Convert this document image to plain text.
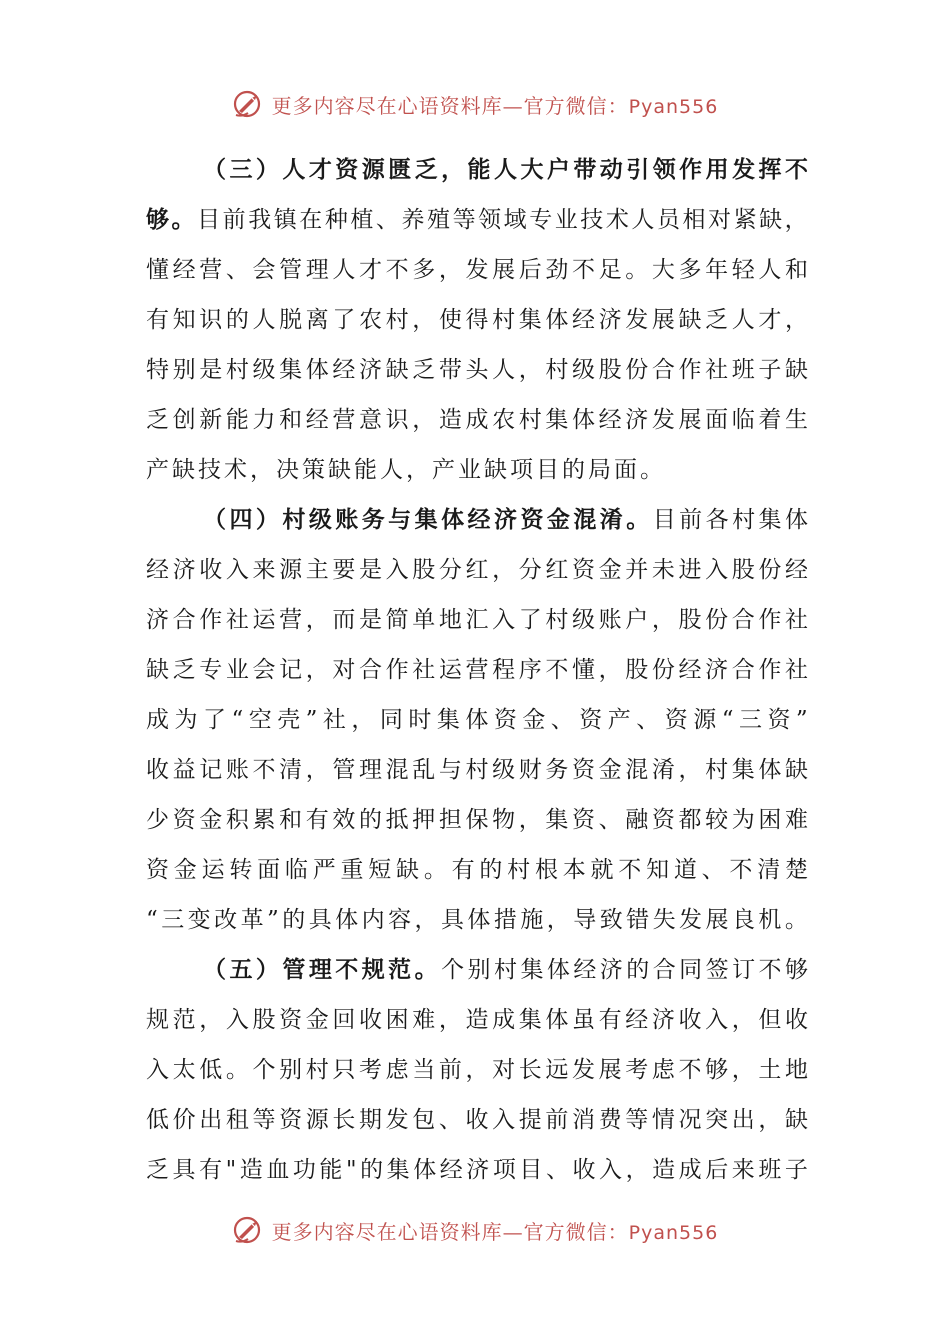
更多内容尽在心语资料库—官方微信：Pyan556
（ 三 ） 人 才 资 源 匮 乏 ， 能 人 大 户 带 动 引 领 作 用 发 挥 不
够 。 目 前 我 镇 在 种 植 、 养 殖 等 领 域 专 业 技 术 人 员 相 对 紧 缺 ，
懂 经 营 、 会 管 理 人 才 不 多 ， 发 展 后 劲 不 足 。 大 多 年 轻 人 和
有 知 识 的 人 脱 离 了 农 村 ， 使 得 村 集 体 经 济 发 展 缺 乏 人 才 ，
特 别 是 村 级 集 体 经 济 缺 乏 带 头 人 ， 村 级 股 份 合 作 社 班 子 缺
乏 创 新 能 力 和 经 营 意 识 ， 造 成 农 村 集 体 经 济 发 展 面 临 着 生
产缺技术，决策缺能人，产业缺项目的局面。
（ 四 ） 村 级 账 务 与 集 体 经 济 资 金 混 淆 。 目 前 各 村 集 体
经 济 收 入 来 源 主 要 是 入 股 分 红 ， 分 红 资 金 并 未 进 入 股 份 经
济 合 作 社 运 营 ， 而 是 简 单 地 汇 入 了 村 级 账 户 ， 股 份 合 作 社
缺 乏 专 业 会 记 ， 对 合 作 社 运 营 程 序 不 懂 ， 股 份 经 济 合 作 社
成 为 了 “ 空 壳 ” 社 ， 同 时 集 体 资 金 、 资 产 、 资 源 “ 三 资 ”
收 益 记 账 不 清 ， 管 理 混 乱 与 村 级 财 务 资 金 混 淆 ， 村 集 体 缺
少 资 金 积 累 和 有 效 的 抵 押 担 保 物 ， 集 资 、 融 资 都 较 为 困 难
资 金 运 转 面 临 严 重 短 缺 。 有 的 村 根 本 就 不 知 道 、 不 清 楚
“ 三 变 改 革 ” 的 具 体 内 容 ， 具 体 措 施 ， 导 致 错 失 发 展 良 机 。
（ 五 ） 管 理 不 规 范 。 个 别 村 集 体 经 济 的 合 同 签 订 不 够
规 范 ， 入 股 资 金 回 收 困 难 ， 造 成 集 体 虽 有 经 济 收 入 ， 但 收
入 太 低 。 个 别 村 只 考 虑 当 前 ， 对 长 远 发 展 考 虑 不 够 ， 土 地
低 价 出 租 等 资 源 长 期 发 包 、 收 入 提 前 消 费 等 情 况 突 出 ， 缺
乏 具 有 " 造 血 功 能 " 的 集 体 经 济 项 目 、 收 入 ， 造 成 后 来 班 子
更多内容尽在心语资料库—官方微信：Pyan556
